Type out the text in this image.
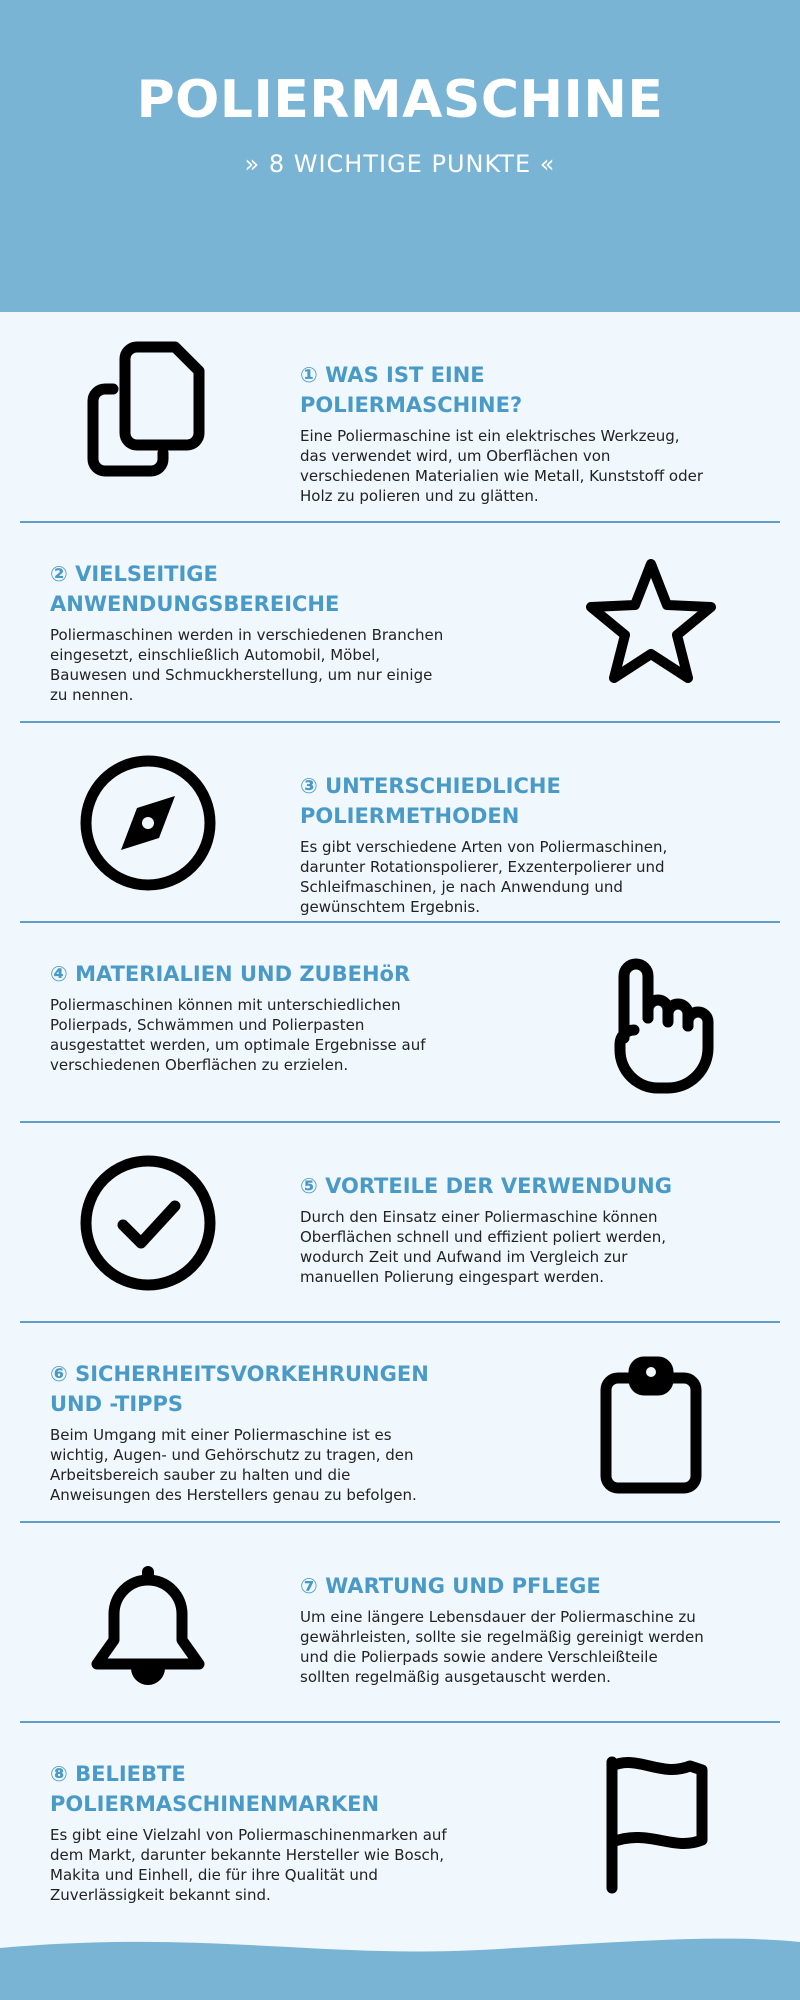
POLIERMASCHINE
» 8 WICHTIGE PUNKTE «

① WAS IST EINE POLIERMASCHINE?

Eine Poliermaschine ist ein elektrisches Werkzeug, das verwendet wird, um Oberflächen von verschiedenen Materialien wie Metall, Kunststoff oder Holz zu polieren und zu glätten.

② VIELSEITIGE ANWENDUNGSBEREICHE

Poliermaschinen werden in verschiedenen Branchen eingesetzt, einschließlich Automobil, Möbel, Bauwesen und Schmuckherstellung, um nur einige zu nennen.

③ UNTERSCHIEDLICHE POLIERMETHODEN

Es gibt verschiedene Arten von Poliermaschinen, darunter Rotationspolierer, Exzenterpolierer und Schleifmaschinen, je nach Anwendung und gewünschtem Ergebnis.

④ MATERIALIEN UND ZUBEHöR

Poliermaschinen können mit unterschiedlichen Polierpads, Schwämmen und Polierpasten ausgestattet werden, um optimale Ergebnisse auf verschiedenen Oberflächen zu erzielen.

⑤ VORTEILE DER VERWENDUNG

Durch den Einsatz einer Poliermaschine können Oberflächen schnell und effizient poliert werden, wodurch Zeit und Aufwand im Vergleich zur manuellen Polierung eingespart werden.

⑥ SICHERHEITSVORKEHRUNGEN UND -TIPPS

Beim Umgang mit einer Poliermaschine ist es wichtig, Augen- und Gehörschutz zu tragen, den Arbeitsbereich sauber zu halten und die Anweisungen des Herstellers genau zu befolgen.

⑦ WARTUNG UND PFLEGE

Um eine längere Lebensdauer der Poliermaschine zu gewährleisten, sollte sie regelmäßig gereinigt werden und die Polierpads sowie andere Verschleißteile sollten regelmäßig ausgetauscht werden.

⑧ BELIEBTE POLIERMASCHINENMARKEN

Es gibt eine Vielzahl von Poliermaschinenmarken auf dem Markt, darunter bekannte Hersteller wie Bosch, Makita und Einhell, die für ihre Qualität und Zuverlässigkeit bekannt sind.
